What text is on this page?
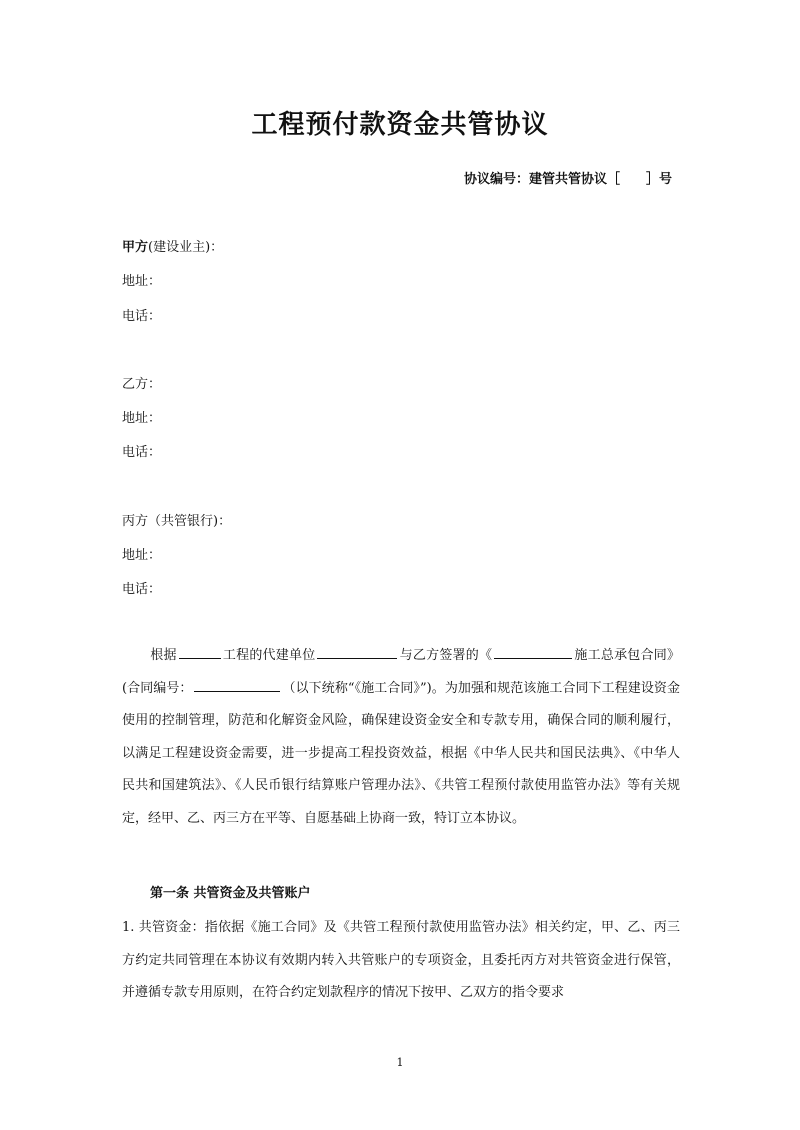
工程预付款资金共管协议
协议编号：建管共管协议［ ］号
甲方(建设业主)：
地址：
电话：
乙方：
地址：
电话：
丙方（共管银行)：
地址：
电话：
根据	工程的代建单位	与乙方签署的《	施工总承包合同》(合同编号：	（以下统称“《施工合同》”)。为加强和规范该施工合同下工程建设资金使用的控制管理，防范和化解资金风险，确保建设资金安全和专款专用，确保合同的顺利履行，以满足工程建设资金需要，进一步提高工程投资效益，根据《中华人民共和国民法典》、《中华人民共和国建筑法》、《人民币银行结算账户管理办法》、《共管工程预付款使用监管办法》等有关规定，经甲、乙、丙三方在平等、自愿基础上协商一致，特订立本协议。
第一条 共管资金及共管账户
1. 共管资金：指依据《施工合同》及《共管工程预付款使用监管办法》相关约定，甲、乙、丙三方约定共同管理在本协议有效期内转入共管账户的专项资金，且委托丙方对共管资金进行保管，并遵循专款专用原则，在符合约定划款程序的情况下按甲、乙双方的指令要求
1
